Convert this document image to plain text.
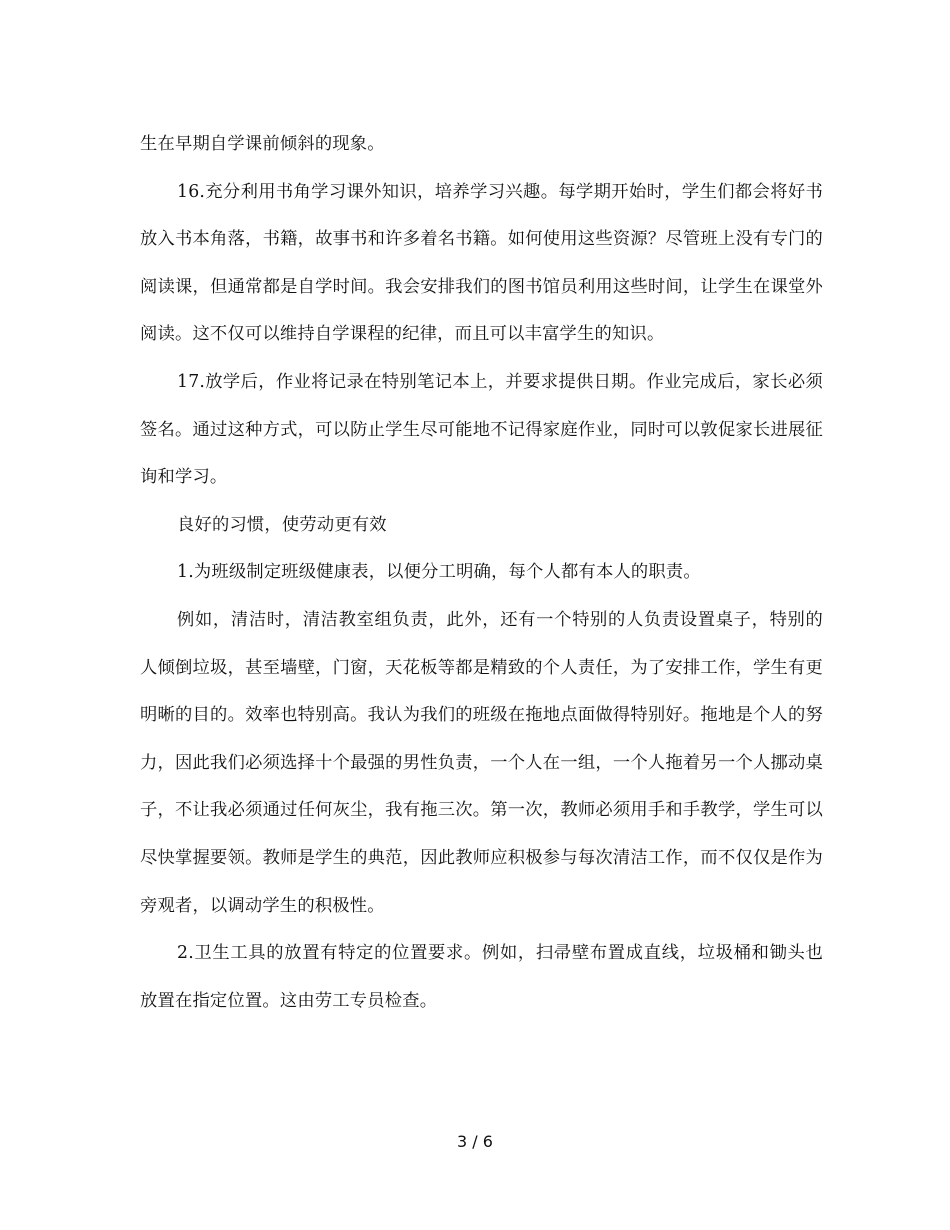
生在早期自学课前倾斜的现象。

16.充分利用书角学习课外知识，培养学习兴趣。每学期开始时，学生们都会将好书放入书本角落，书籍，故事书和许多着名书籍。如何使用这些资源？尽管班上没有专门的阅读课，但通常都是自学时间。我会安排我们的图书馆员利用这些时间，让学生在课堂外阅读。这不仅可以维持自学课程的纪律，而且可以丰富学生的知识。

17.放学后，作业将记录在特别笔记本上，并要求提供日期。作业完成后，家长必须签名。通过这种方式，可以防止学生尽可能地不记得家庭作业，同时可以敦促家长进展征询和学习。

良好的习惯，使劳动更有效

1.为班级制定班级健康表，以便分工明确，每个人都有本人的职责。

例如，清洁时，清洁教室组负责，此外，还有一个特别的人负责设置桌子，特别的人倾倒垃圾，甚至墙壁，门窗，天花板等都是精致的个人责任，为了安排工作，学生有更明晰的目的。效率也特别高。我认为我们的班级在拖地点面做得特别好。拖地是个人的努力，因此我们必须选择十个最强的男性负责，一个人在一组，一个人拖着另一个人挪动桌子，不让我必须通过任何灰尘，我有拖三次。第一次，教师必须用手和手教学，学生可以尽快掌握要领。教师是学生的典范，因此教师应积极参与每次清洁工作，而不仅仅是作为旁观者，以调动学生的积极性。

2.卫生工具的放置有特定的位置要求。例如，扫帚壁布置成直线，垃圾桶和锄头也放置在指定位置。这由劳工专员检查。

3 / 6
